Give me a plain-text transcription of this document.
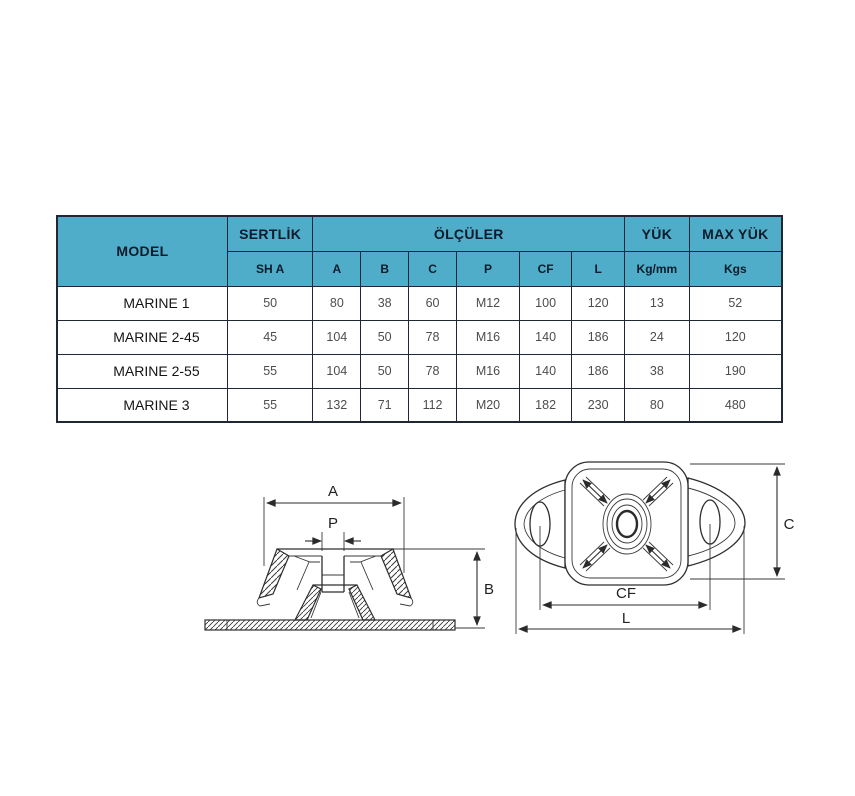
MODEL	SERTLİK	ÖLÇÜLER						YÜK	MAX YÜK
	SH A	A	B	C	P	CF	L	Kg/mm	Kgs
MARINE 1	50	80	38	60	M12	100	120	13	52
MARINE 2-45	45	104	50	78	M16	140	186	24	120
MARINE 2-55	55	104	50	78	M16	140	186	38	190
MARINE 3	55	132	71	112	M20	182	230	80	480
A
P
B
C
CF
L
